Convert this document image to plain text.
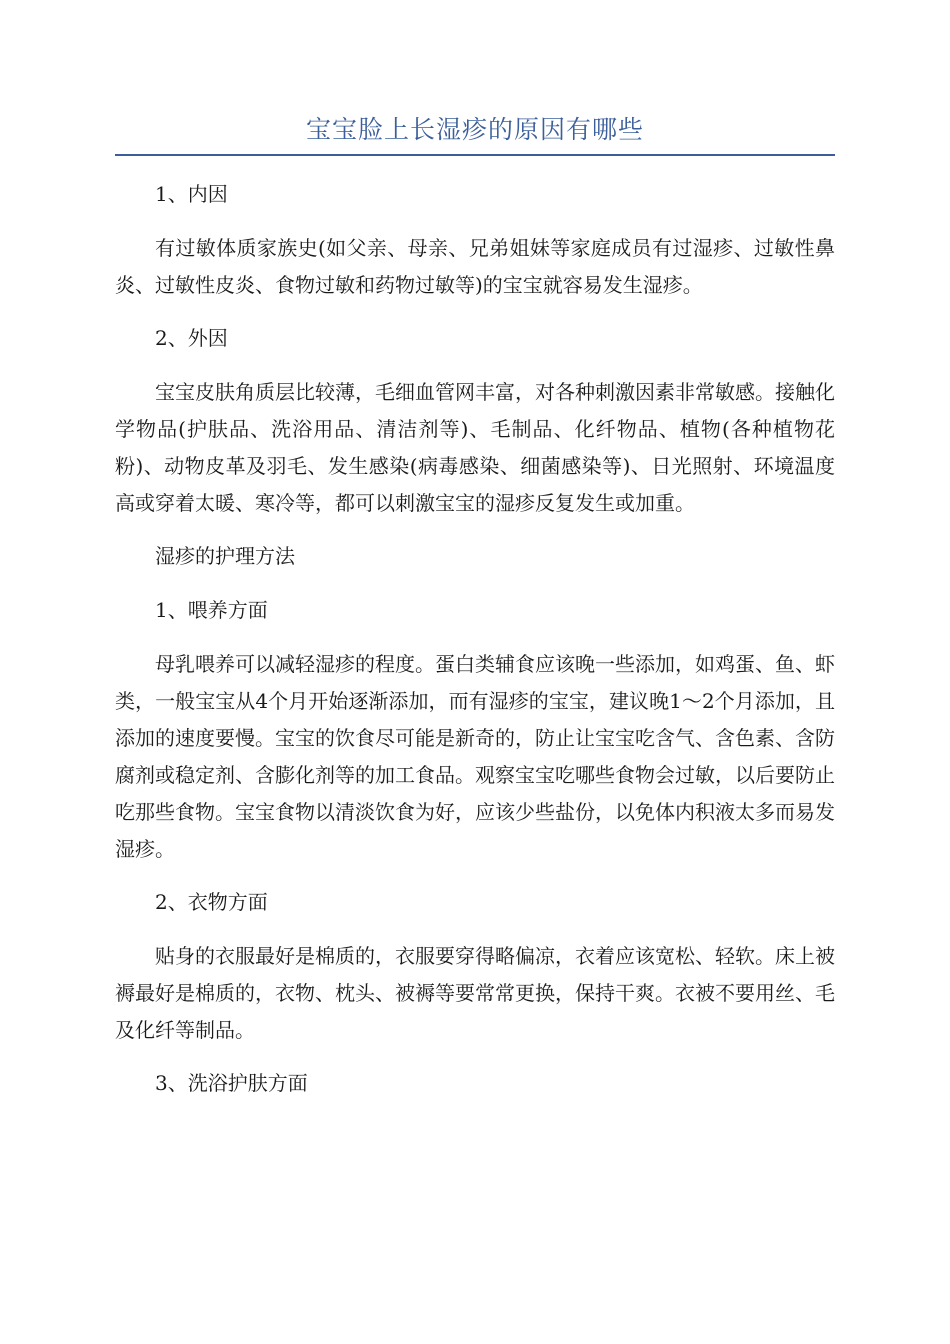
宝宝脸上长湿疹的原因有哪些

1、内因

有过敏体质家族史(如父亲、母亲、兄弟姐妹等家庭成员有过湿疹、过敏性鼻炎、过敏性皮炎、食物过敏和药物过敏等)的宝宝就容易发生湿疹。

2、外因

宝宝皮肤角质层比较薄，毛细血管网丰富，对各种刺激因素非常敏感。接触化学物品(护肤品、洗浴用品、清洁剂等)、毛制品、化纤物品、植物(各种植物花粉)、动物皮革及羽毛、发生感染(病毒感染、细菌感染等)、日光照射、环境温度高或穿着太暖、寒冷等，都可以刺激宝宝的湿疹反复发生或加重。

湿疹的护理方法

1、喂养方面

母乳喂养可以减轻湿疹的程度。蛋白类辅食应该晚一些添加，如鸡蛋、鱼、虾类，一般宝宝从4个月开始逐渐添加，而有湿疹的宝宝，建议晚1～2个月添加，且添加的速度要慢。宝宝的饮食尽可能是新奇的，防止让宝宝吃含气、含色素、含防腐剂或稳定剂、含膨化剂等的加工食品。观察宝宝吃哪些食物会过敏，以后要防止吃那些食物。宝宝食物以清淡饮食为好，应该少些盐份，以免体内积液太多而易发湿疹。

2、衣物方面

贴身的衣服最好是棉质的，衣服要穿得略偏凉，衣着应该宽松、轻软。床上被褥最好是棉质的，衣物、枕头、被褥等要常常更换，保持干爽。衣被不要用丝、毛及化纤等制品。

3、洗浴护肤方面
